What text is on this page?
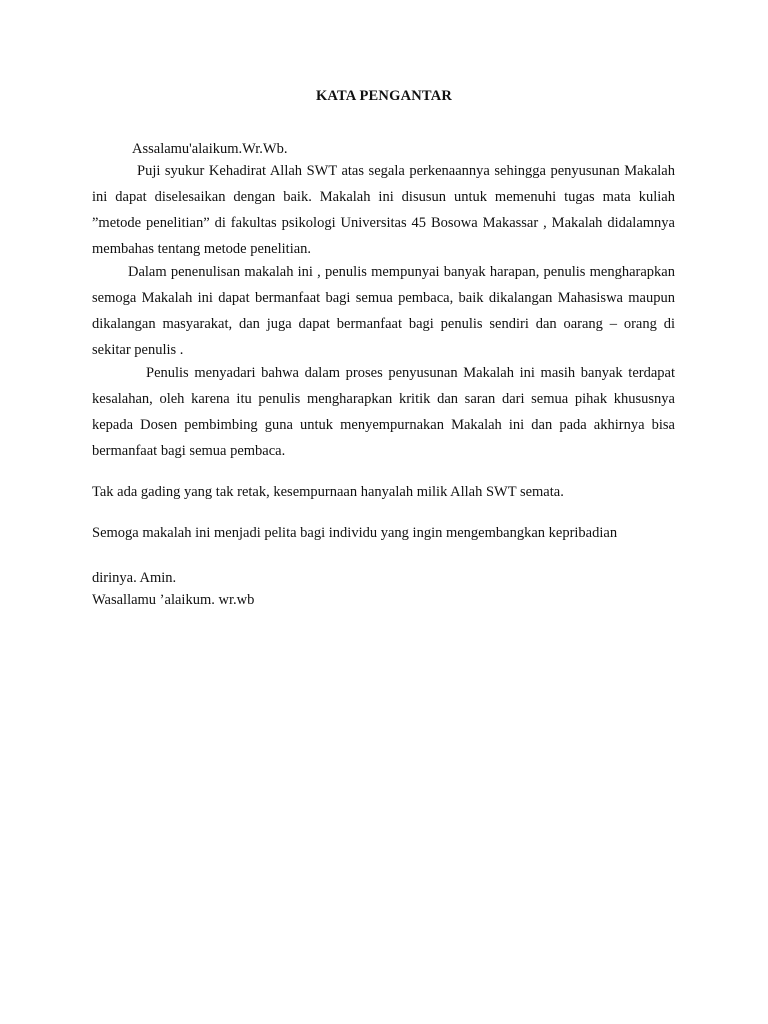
KATA PENGANTAR
Assalamu'alaikum.Wr.Wb.
Puji syukur Kehadirat Allah SWT atas segala perkenaannya sehingga penyusunan Makalah ini dapat diselesaikan dengan baik. Makalah ini disusun untuk memenuhi tugas mata kuliah ”metode penelitian” di fakultas psikologi Universitas 45 Bosowa Makassar , Makalah didalamnya membahas tentang metode penelitian.
Dalam penenulisan makalah ini , penulis mempunyai banyak harapan, penulis mengharapkan semoga Makalah ini dapat bermanfaat bagi semua pembaca, baik dikalangan Mahasiswa maupun dikalangan masyarakat, dan juga dapat bermanfaat bagi penulis sendiri dan oarang – orang di sekitar penulis .
Penulis menyadari bahwa dalam proses penyusunan Makalah ini masih banyak terdapat kesalahan, oleh karena itu penulis mengharapkan kritik dan saran dari semua pihak khususnya kepada Dosen pembimbing guna untuk menyempurnakan Makalah ini dan pada akhirnya bisa bermanfaat bagi semua pembaca.
Tak ada gading yang tak retak, kesempurnaan hanyalah milik Allah SWT semata.
Semoga makalah ini menjadi pelita bagi individu yang ingin mengembangkan kepribadian
dirinya. Amin.
Wasallamu ’alaikum. wr.wb
